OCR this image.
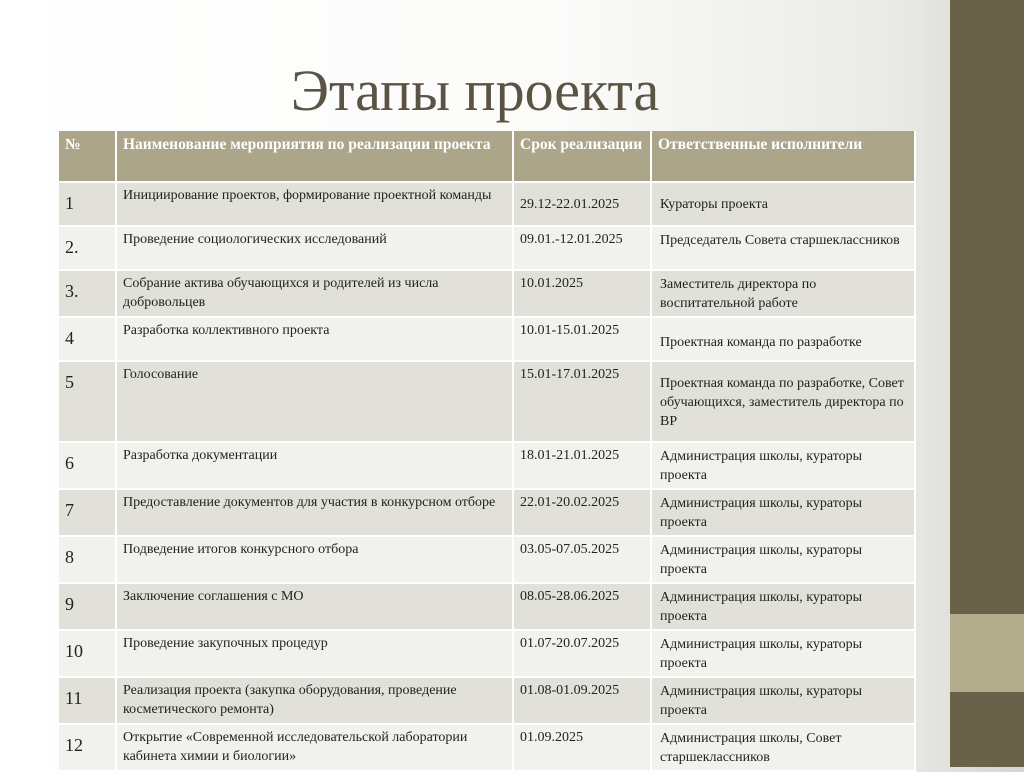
Этапы проекта
№	Наименование мероприятия по реализации проекта	Срок реализации	Ответственные исполнители
1	Инициирование проектов, формирование проектной команды	29.12-22.01.2025	Кураторы проекта
2.	Проведение социологических исследований	09.01.-12.01.2025	Председатель Совета старшеклассников
3.	Собрание актива обучающихся и родителей из числа добровольцев	10.01.2025	Заместитель директора по воспитательной работе
4	Разработка коллективного проекта	10.01-15.01.2025	Проектная команда по разработке
5	Голосование	15.01-17.01.2025	Проектная команда по разработке, Совет обучающихся, заместитель директора по ВР
6	Разработка документации	18.01-21.01.2025	Администрация школы, кураторы проекта
7	Предоставление документов для участия в конкурсном отборе	22.01-20.02.2025	Администрация школы, кураторы проекта
8	Подведение итогов конкурсного отбора	03.05-07.05.2025	Администрация школы, кураторы проекта
9	Заключение соглашения с МО	08.05-28.06.2025	Администрация школы, кураторы проекта
10	Проведение закупочных процедур	01.07-20.07.2025	Администрация школы, кураторы проекта
11	Реализация проекта (закупка оборудования, проведение косметического ремонта)	01.08-01.09.2025	Администрация школы, кураторы проекта
12	Открытие «Современной исследовательской лаборатории кабинета химии и биологии»	01.09.2025	Администрация школы, Совет старшеклассников
